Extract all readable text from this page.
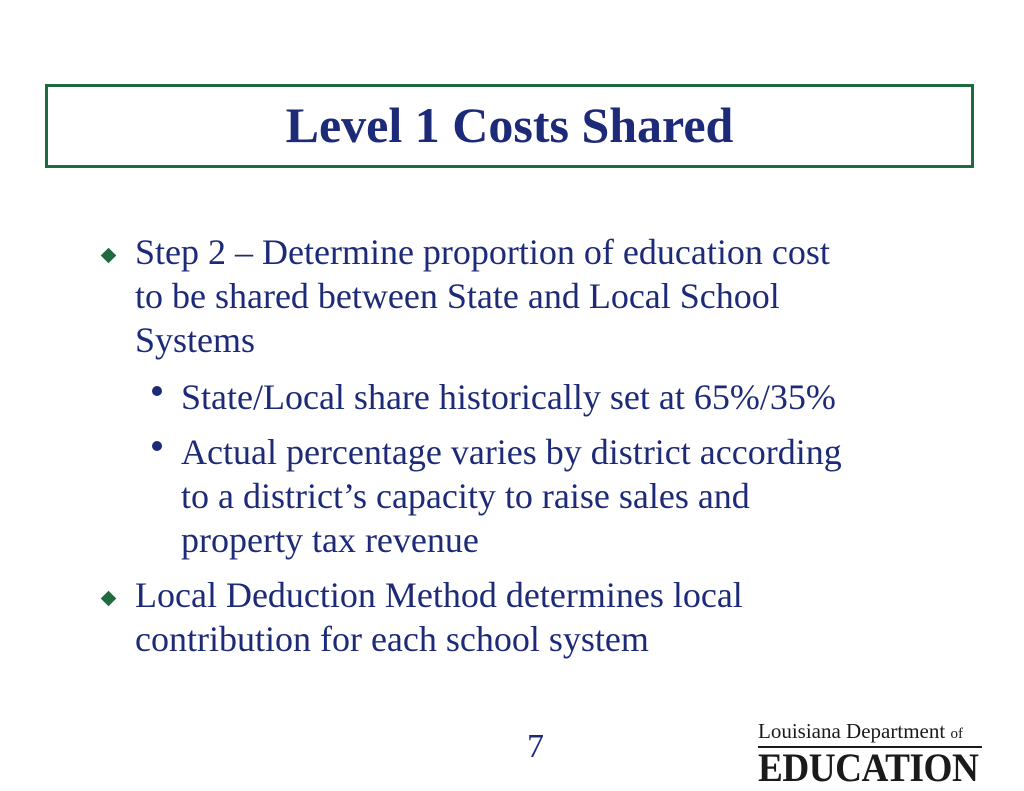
Level 1 Costs Shared
Step 2 – Determine proportion of education cost
to be shared between State and Local School
Systems
State/Local share historically set at 65%/35%
Actual percentage varies by district according
to a district’s capacity to raise sales and
property tax revenue
Local Deduction Method determines local
contribution for each school system
7	Louisiana Department of
EDUCATION
